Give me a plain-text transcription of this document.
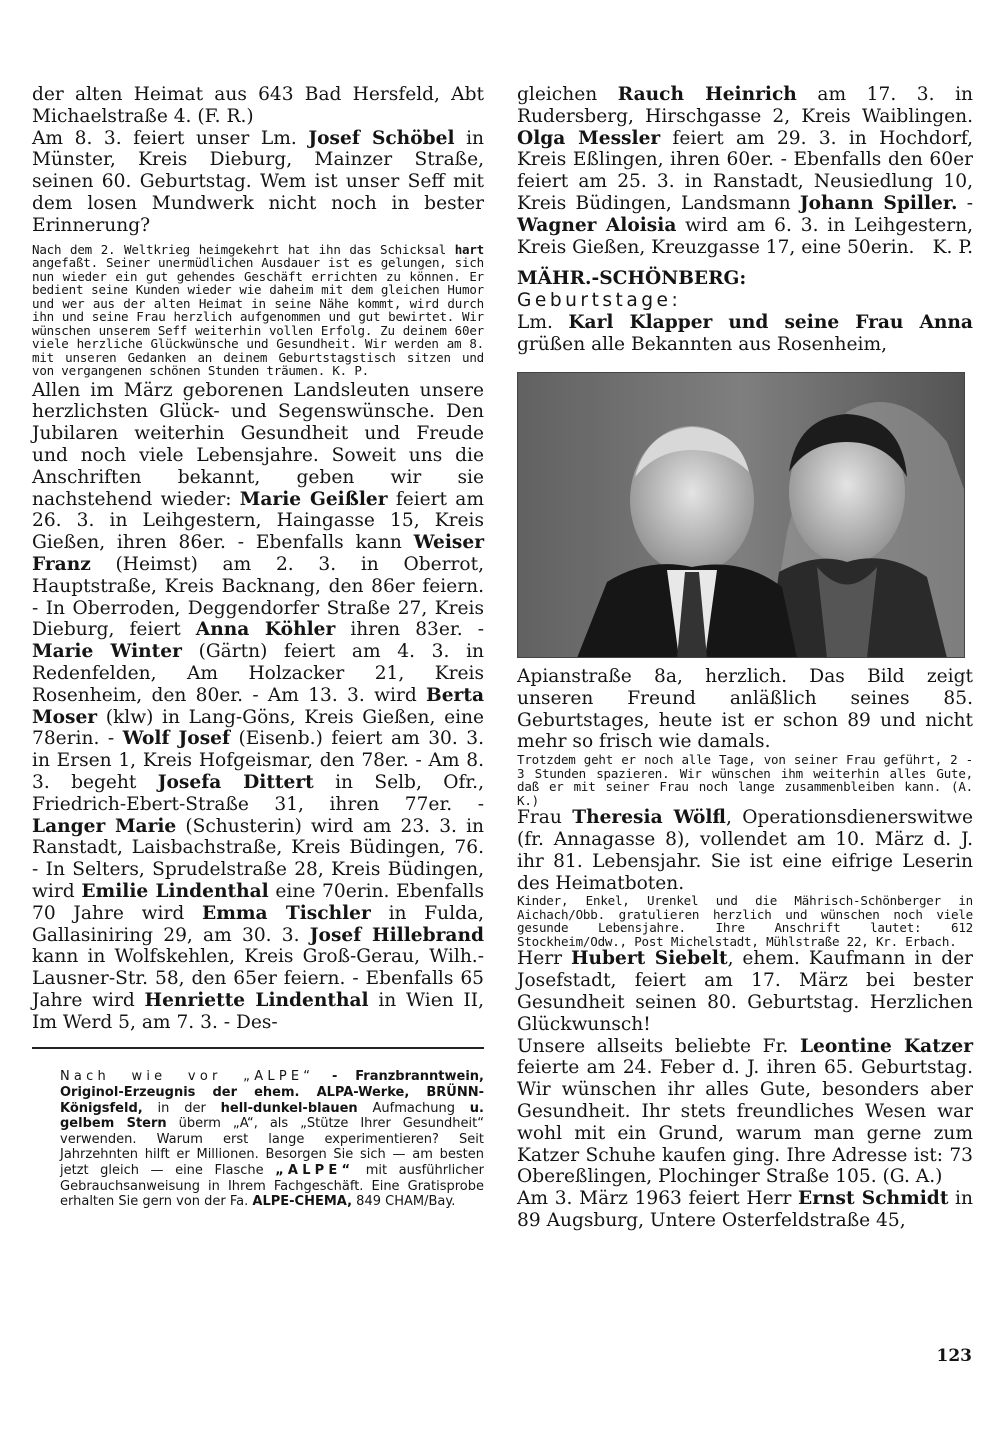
der alten Heimat aus 643 Bad Hersfeld, Abt Michaelstraße 4. (F. R.)

Am 8. 3. feiert unser Lm. Josef Schöbel in Münster, Kreis Dieburg, Mainzer Straße, seinen 60. Geburtstag. Wem ist unser Seff mit dem losen Mundwerk nicht noch in bester Erinnerung?

Nach dem 2. Weltkrieg heimgekehrt hat ihn das Schicksal hart angefaßt. Seiner unermüdlichen Ausdauer ist es gelungen, sich nun wieder ein gut gehendes Geschäft errichten zu können. Er bedient seine Kunden wieder wie daheim mit dem gleichen Humor und wer aus der alten Heimat in seine Nähe kommt, wird durch ihn und seine Frau herzlich aufgenommen und gut bewirtet. Wir wünschen unserem Seff weiterhin vollen Erfolg. Zu deinem 60er viele herzliche Glückwünsche und Gesundheit. Wir werden am 8. mit unseren Gedanken an deinem Geburtstagstisch sitzen und von vergangenen schönen Stunden träumen. K. P.

Allen im März geborenen Landsleuten unsere herzlichsten Glück- und Segenswünsche. Den Jubilaren weiterhin Gesundheit und Freude und noch viele Lebensjahre. Soweit uns die Anschriften bekannt, geben wir sie nachstehend wieder: Marie Geißler feiert am 26. 3. in Leihgestern, Haingasse 15, Kreis Gießen, ihren 86er. - Ebenfalls kann Weiser Franz (Heimst) am 2. 3. in Oberrot, Hauptstraße, Kreis Backnang, den 86er feiern. - In Oberroden, Deggendorfer Straße 27, Kreis Dieburg, feiert Anna Köhler ihren 83er. - Marie Winter (Gärtn) feiert am 4. 3. in Redenfelden, Am Holzacker 21, Kreis Rosenheim, den 80er. - Am 13. 3. wird Berta Moser (klw) in Lang-Göns, Kreis Gießen, eine 78erin. - Wolf Josef (Eisenb.) feiert am 30. 3. in Ersen 1, Kreis Hofgeismar, den 78er. - Am 8. 3. begeht Josefa Dittert in Selb, Ofr., Friedrich-Ebert-Straße 31, ihren 77er. - Langer Marie (Schusterin) wird am 23. 3. in Ranstadt, Laisbachstraße, Kreis Büdingen, 76. - In Selters, Sprudelstraße 28, Kreis Büdingen, wird Emilie Lindenthal eine 70erin. Ebenfalls 70 Jahre wird Emma Tischler in Fulda, Gallasiniring 29, am 30. 3. Josef Hillebrand kann in Wolfskehlen, Kreis Groß-Gerau, Wilh.-Lausner-Str. 58, den 65er feiern. - Ebenfalls 65 Jahre wird Henriette Lindenthal in Wien II, Im Werd 5, am 7. 3. - Des-

Nach wie vor „ALPE“ - Franzbranntwein, Originol-Erzeugnis der ehem. ALPA-Werke, BRÜNN-Königsfeld, in der hell-dunkel-blauen Aufmachung u. gelbem Stern überm „A“, als „Stütze Ihrer Gesundheit“ verwenden. Warum erst lange experimentieren? Seit Jahrzehnten hilft er Millionen. Besorgen Sie sich — am besten jetzt gleich — eine Flasche „ALPE“ mit ausführlicher Gebrauchsanweisung in Ihrem Fachgeschäft. Eine Gratisprobe erhalten Sie gern von der Fa. ALPE-CHEMA, 849 CHAM/Bay.

gleichen Rauch Heinrich am 17. 3. in Rudersberg, Hirschgasse 2, Kreis Waiblingen. Olga Messler feiert am 29. 3. in Hochdorf, Kreis Eßlingen, ihren 60er. - Ebenfalls den 60er feiert am 25. 3. in Ranstadt, Neusiedlung 10, Kreis Büdingen, Landsmann Johann Spiller. - Wagner Aloisia wird am 6. 3. in Leihgestern, Kreis Gießen, Kreuzgasse 17, eine 50erin. K. P.

MÄHR.-SCHÖNBERG:

Geburtstage:

Lm. Karl Klapper und seine Frau Anna grüßen alle Bekannten aus Rosenheim,

Apianstraße 8a, herzlich. Das Bild zeigt unseren Freund anläßlich seines 85. Geburtstages, heute ist er schon 89 und nicht mehr so frisch wie damals.

Trotzdem geht er noch alle Tage, von seiner Frau geführt, 2 - 3 Stunden spazieren. Wir wünschen ihm weiterhin alles Gute, daß er mit seiner Frau noch lange zusammenbleiben kann. (A. K.)

Frau Theresia Wölfl, Operationsdienerswitwe (fr. Annagasse 8), vollendet am 10. März d. J. ihr 81. Lebensjahr. Sie ist eine eifrige Leserin des Heimatboten.

Kinder, Enkel, Urenkel und die Mährisch-Schönberger in Aichach/Obb. gratulieren herzlich und wünschen noch viele gesunde Lebensjahre. Ihre Anschrift lautet: 612 Stockheim/Odw., Post Michelstadt, Mühlstraße 22, Kr. Erbach.

Herr Hubert Siebelt, ehem. Kaufmann in der Josefstadt, feiert am 17. März bei bester Gesundheit seinen 80. Geburtstag. Herzlichen Glückwunsch!

Unsere allseits beliebte Fr. Leontine Katzer feierte am 24. Feber d. J. ihren 65. Geburtstag. Wir wünschen ihr alles Gute, besonders aber Gesundheit. Ihr stets freundliches Wesen war wohl mit ein Grund, warum man gerne zum Katzer Schuhe kaufen ging. Ihre Adresse ist: 73 Obereßlingen, Plochinger Straße 105. (G. A.)

Am 3. März 1963 feiert Herr Ernst Schmidt in 89 Augsburg, Untere Osterfeldstraße 45,

123
